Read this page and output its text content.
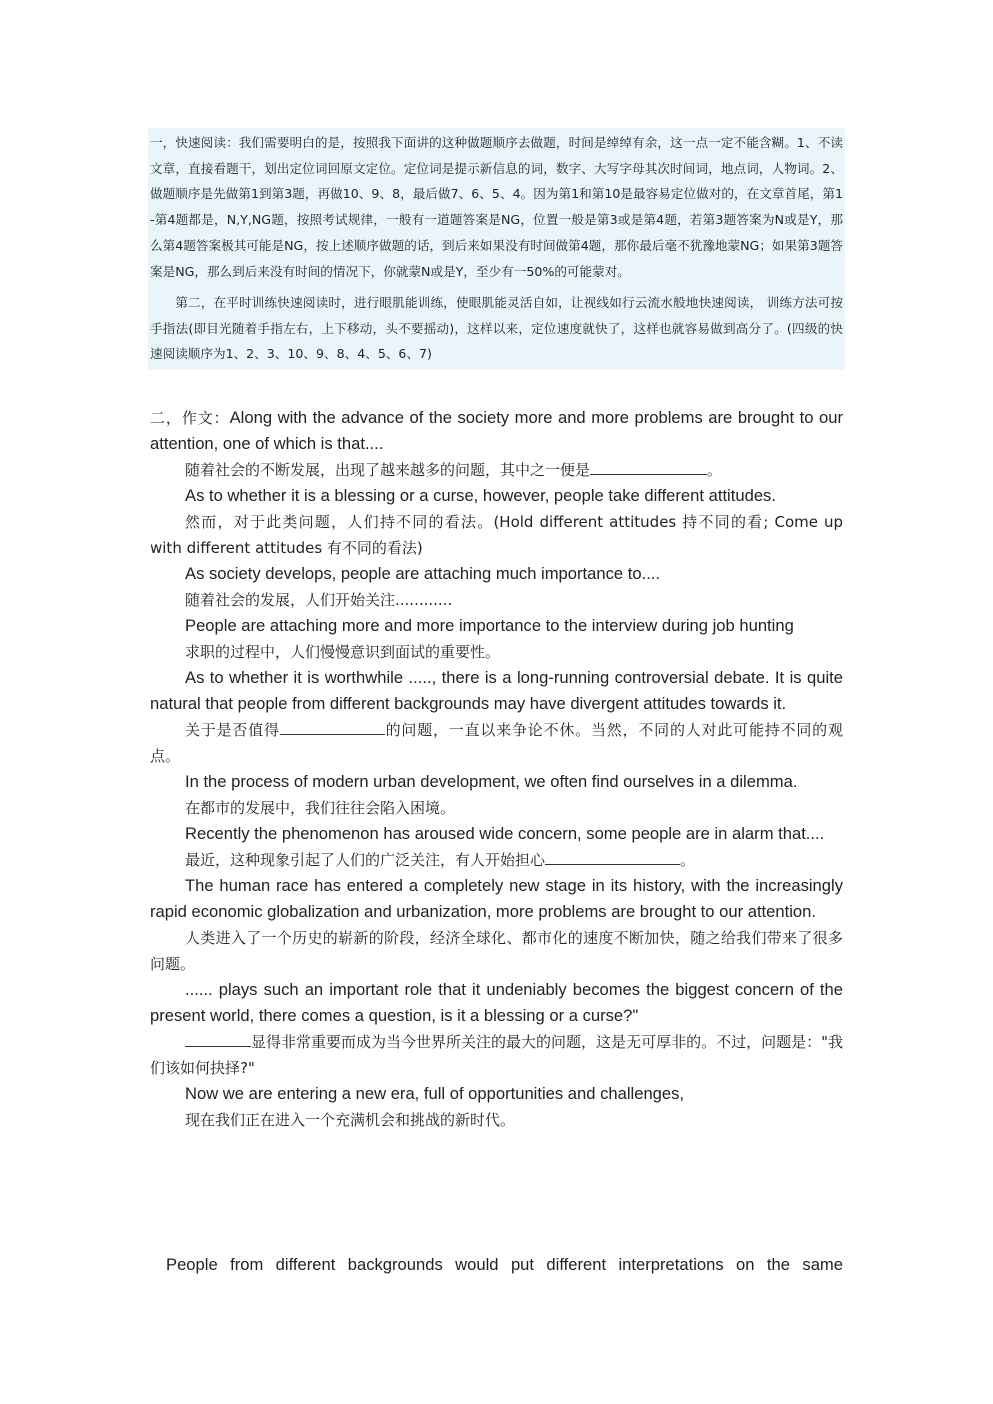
一，快速阅读：我们需要明白的是，按照我下面讲的这种做题顺序去做题，时间是绰绰有余，这一点一定不能含糊。1、不读文章，直接看题干，划出定位词回原文定位。定位词是提示新信息的词，数字、大写字母其次时间词，地点词，人物词。2、做题顺序是先做第1到第3题，再做10、9、8，最后做7、6、5、4。因为第1和第10是最容易定位做对的，在文章首尾，第1-第4题都是，N,Y,NG题，按照考试规律，一般有一道题答案是NG，位置一般是第3或是第4题，若第3题答案为N或是Y，那么第4题答案极其可能是NG，按上述顺序做题的话，到后来如果没有时间做第4题，那你最后毫不犹豫地蒙NG；如果第3题答案是NG，那么到后来没有时间的情况下，你就蒙N或是Y，至少有一50%的可能蒙对。

第二，在平时训练快速阅读时，进行眼肌能训练，使眼肌能灵活自如，让视线如行云流水般地快速阅读， 训练方法可按手指法(即目光随着手指左右，上下移动，头不要摇动)，这样以来，定位速度就快了，这样也就容易做到高分了。(四级的快速阅读顺序为1、2、3、10、9、8、4、5、6、7)

二，作文：Along with the advance of the society more and more problems are brought to our attention, one of which is that....

随着社会的不断发展，出现了越来越多的问题，其中之一便是	。

As to whether it is a blessing or a curse, however, people take different attitudes.

然而，对于此类问题，人们持不同的看法。(Hold different attitudes 持不同的看; Come up with different attitudes 有不同的看法)

As society develops, people are attaching much importance to....

随着社会的发展，人们开始关注............

People are attaching more and more importance to the interview during job hunting

求职的过程中，人们慢慢意识到面试的重要性。

As to whether it is worthwhile ....., there is a long-running controversial debate. It is quite natural that people from different backgrounds may have divergent attitudes towards it.

关于是否值得	的问题，一直以来争论不休。当然，不同的人对此可能持不同的观点。

In the process of modern urban development, we often find ourselves in a dilemma.

在都市的发展中，我们往往会陷入困境。

Recently the phenomenon has aroused wide concern, some people are in alarm that....

最近，这种现象引起了人们的广泛关注，有人开始担心	。

The human race has entered a completely new stage in its history, with the increasingly rapid economic globalization and urbanization, more problems are brought to our attention.

人类进入了一个历史的崭新的阶段，经济全球化、都市化的速度不断加快，随之给我们带来了很多问题。

...... plays such an important role that it undeniably becomes the biggest concern of the present world, there comes a question, is it a blessing or a curse?"

显得非常重要而成为当今世界所关注的最大的问题，这是无可厚非的。不过，问题是："我们该如何抉择?"

Now we are entering a new era, full of opportunities and challenges,

现在我们正在进入一个充满机会和挑战的新时代。

People from different backgrounds would put different interpretations on the same
